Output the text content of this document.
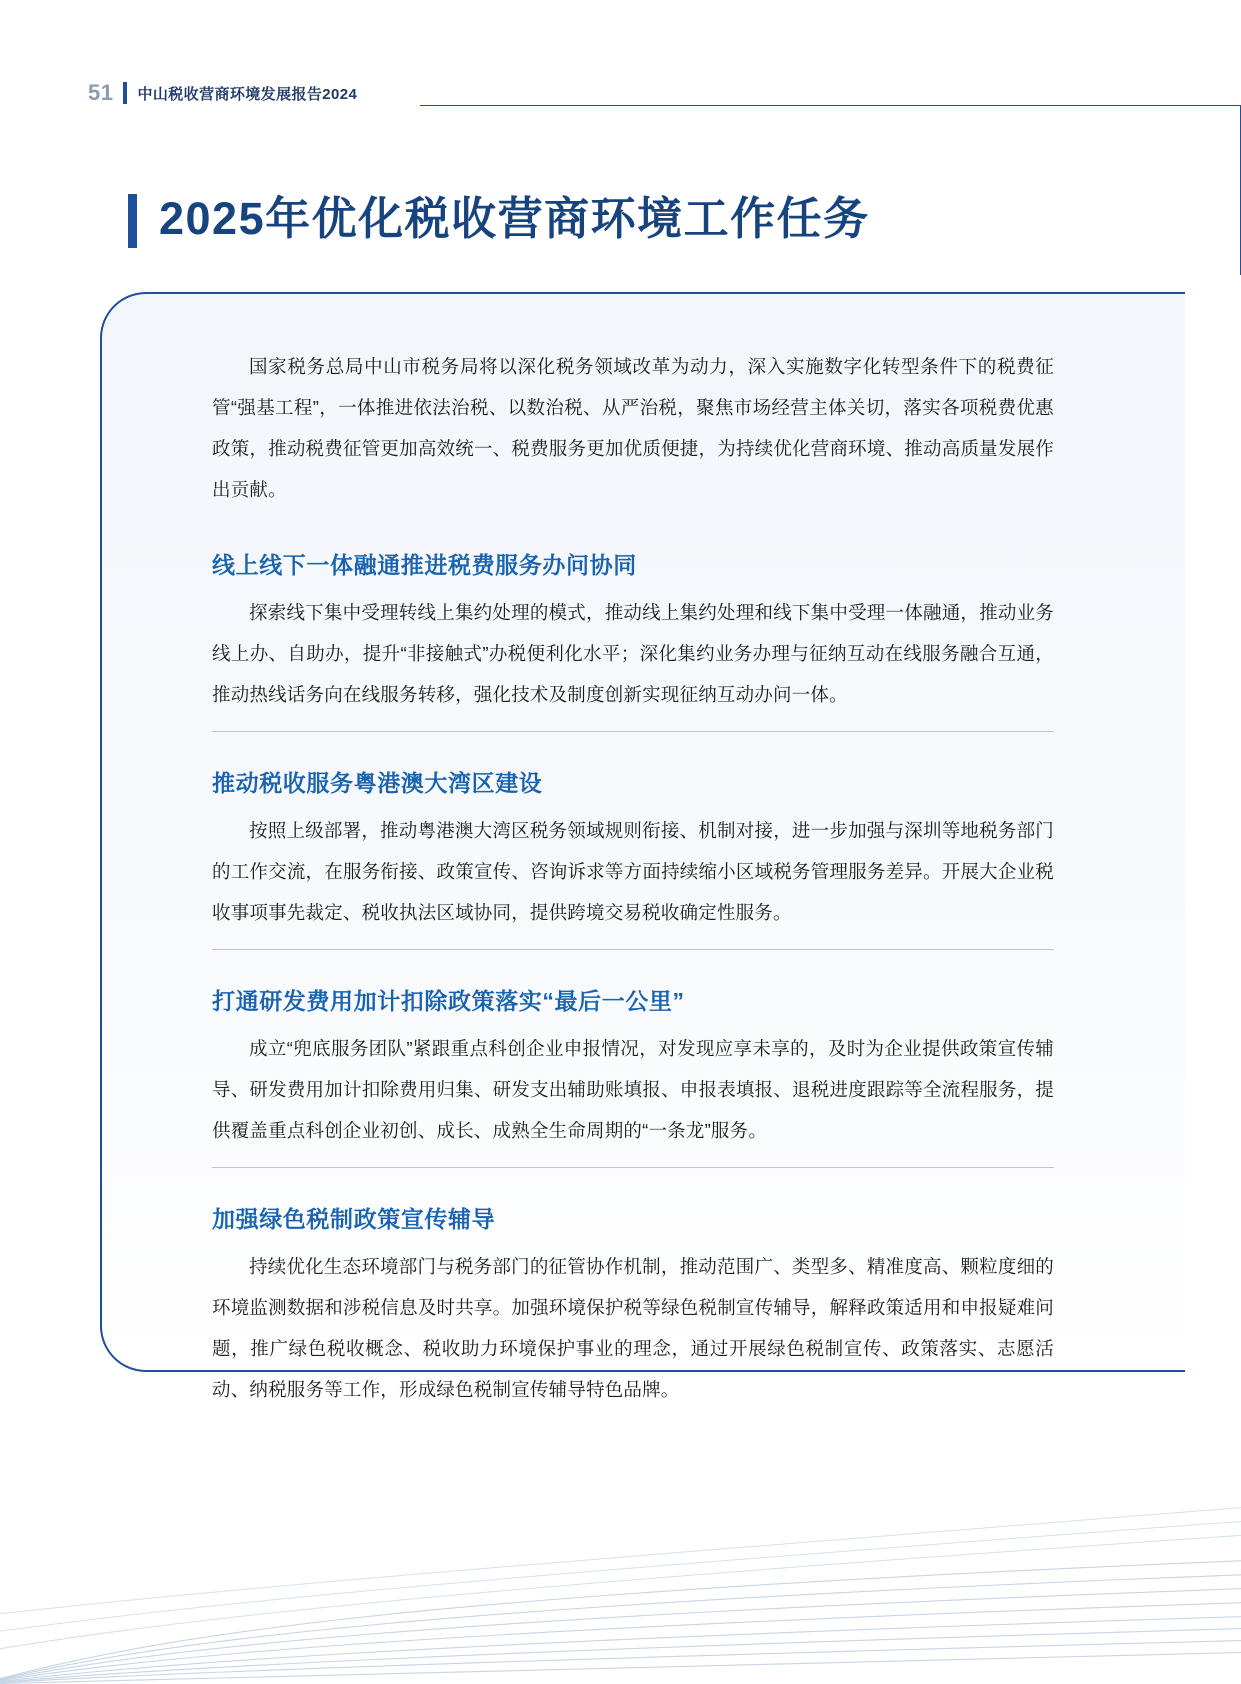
51 中山税收营商环境发展报告2024
2025年优化税收营商环境工作任务

国家税务总局中山市税务局将以深化税务领域改革为动力，深入实施数字化转型条件下的税费征管“强基工程”，一体推进依法治税、以数治税、从严治税，聚焦市场经营主体关切，落实各项税费优惠政策，推动税费征管更加高效统一、税费服务更加优质便捷，为持续优化营商环境、推动高质量发展作出贡献。

线上线下一体融通推进税费服务办问协同

探索线下集中受理转线上集约处理的模式，推动线上集约处理和线下集中受理一体融通，推动业务线上办、自助办，提升“非接触式”办税便利化水平；深化集约业务办理与征纳互动在线服务融合互通，推动热线话务向在线服务转移，强化技术及制度创新实现征纳互动办问一体。

推动税收服务粤港澳大湾区建设

按照上级部署，推动粤港澳大湾区税务领域规则衔接、机制对接，进一步加强与深圳等地税务部门的工作交流，在服务衔接、政策宣传、咨询诉求等方面持续缩小区域税务管理服务差异。开展大企业税收事项事先裁定、税收执法区域协同，提供跨境交易税收确定性服务。

打通研发费用加计扣除政策落实“最后一公里”

成立“兜底服务团队”紧跟重点科创企业申报情况，对发现应享未享的，及时为企业提供政策宣传辅导、研发费用加计扣除费用归集、研发支出辅助账填报、申报表填报、退税进度跟踪等全流程服务，提供覆盖重点科创企业初创、成长、成熟全生命周期的“一条龙”服务。

加强绿色税制政策宣传辅导

持续优化生态环境部门与税务部门的征管协作机制，推动范围广、类型多、精准度高、颗粒度细的环境监测数据和涉税信息及时共享。加强环境保护税等绿色税制宣传辅导，解释政策适用和申报疑难问题，推广绿色税收概念、税收助力环境保护事业的理念，通过开展绿色税制宣传、政策落实、志愿活动、纳税服务等工作，形成绿色税制宣传辅导特色品牌。
